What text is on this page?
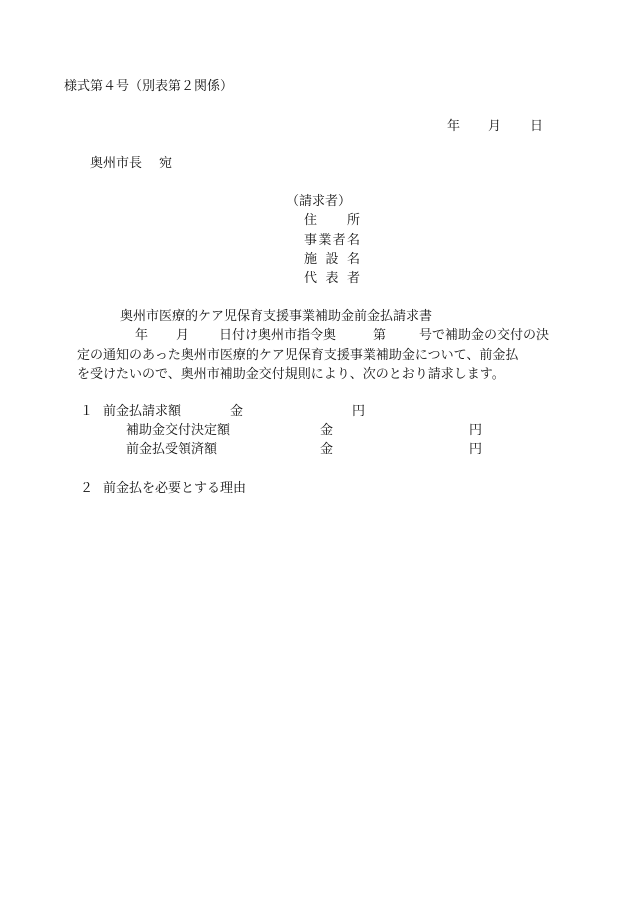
様式第４号（別表第２関係）
年 月 日
奥州市長 宛
（請求者）
住所
事業者名
施設名
代表者
奥州市医療的ケア児保育支援事業補助金前金払請求書
年 月 日付け奥州市指令奥	第	号で補助金の交付の決
定の通知のあった奥州市医療的ケア児保育支援事業補助金について、前金払
を受けたいので、奥州市補助金交付規則により、次のとおり請求します。
１ 前金払請求額	金	円
補助金交付決定額	金	円
前金払受領済額	金	円
２ 前金払を必要とする理由
